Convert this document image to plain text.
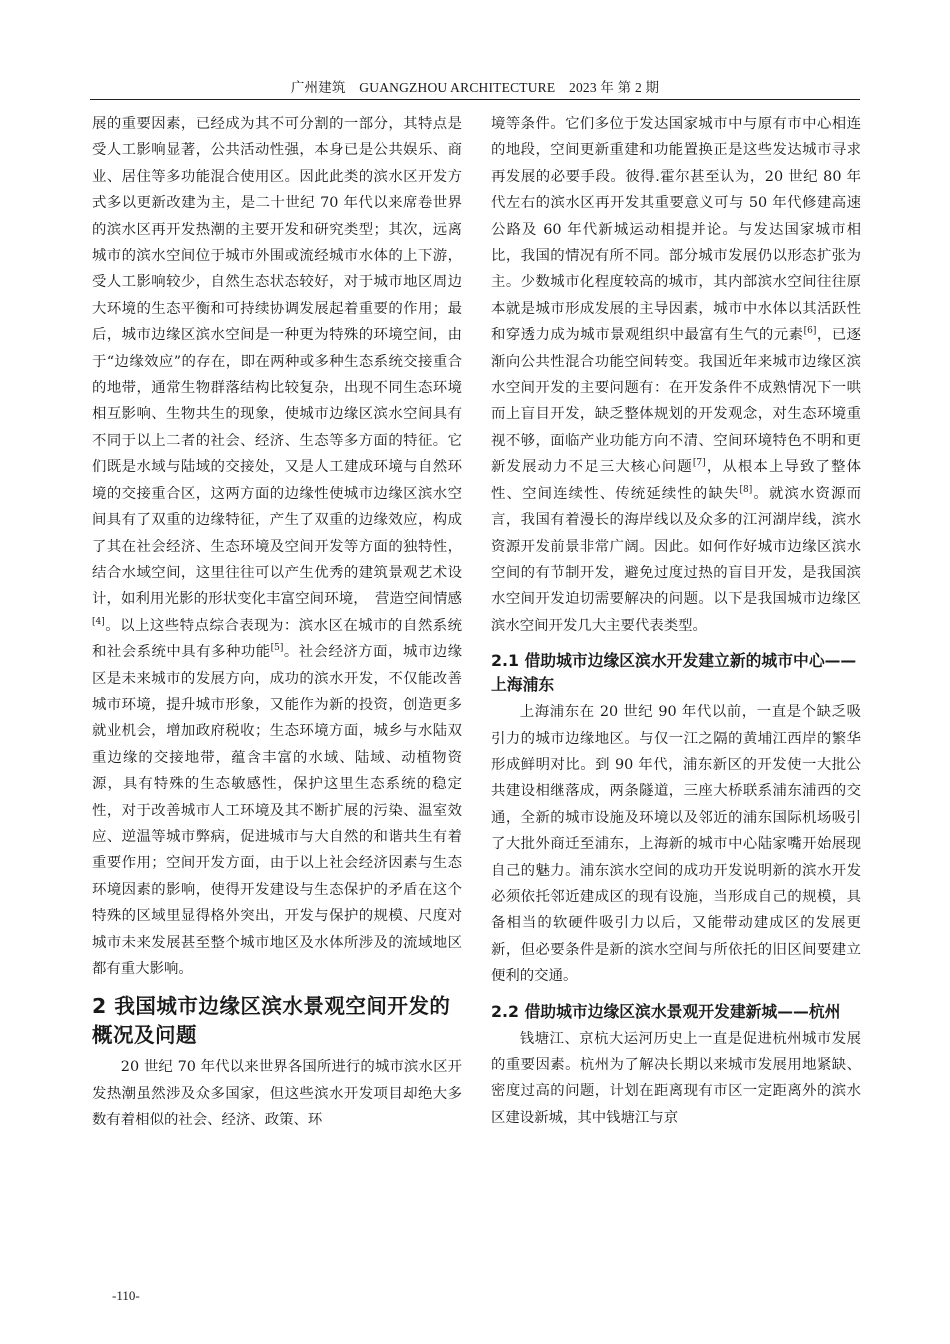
广州建筑　GUANGZHOU ARCHITECTURE　2023 年 第 2 期

展的重要因素，已经成为其不可分割的一部分，其特点是受人工影响显著，公共活动性强，本身已是公共娱乐、商业、居住等多功能混合使用区。因此此类的滨水区开发方式多以更新改建为主，是二十世纪 70 年代以来席卷世界的滨水区再开发热潮的主要开发和研究类型；其次，远离城市的滨水空间位于城市外围或流经城市水体的上下游，受人工影响较少，自然生态状态较好，对于城市地区周边大环境的生态平衡和可持续协调发展起着重要的作用；最后，城市边缘区滨水空间是一种更为特殊的环境空间，由于“边缘效应”的存在，即在两种或多种生态系统交接重合的地带，通常生物群落结构比较复杂，出现不同生态环境相互影响、生物共生的现象，使城市边缘区滨水空间具有不同于以上二者的社会、经济、生态等多方面的特征。它们既是水域与陆域的交接处，又是人工建成环境与自然环境的交接重合区，这两方面的边缘性使城市边缘区滨水空间具有了双重的边缘特征，产生了双重的边缘效应，构成了其在社会经济、生态环境及空间开发等方面的独特性，结合水域空间，这里往往可以产生优秀的建筑景观艺术设计，如利用光影的形状变化丰富空间环境，　营造空间情感[4]。以上这些特点综合表现为：滨水区在城市的自然系统和社会系统中具有多种功能[5]。社会经济方面，城市边缘区是未来城市的发展方向，成功的滨水开发，不仅能改善城市环境，提升城市形象，又能作为新的投资，创造更多就业机会，增加政府税收；生态环境方面，城乡与水陆双重边缘的交接地带，蕴含丰富的水域、陆域、动植物资源，具有特殊的生态敏感性，保护这里生态系统的稳定性，对于改善城市人工环境及其不断扩展的污染、温室效应、逆温等城市弊病，促进城市与大自然的和谐共生有着重要作用；空间开发方面，由于以上社会经济因素与生态环境因素的影响，使得开发建设与生态保护的矛盾在这个特殊的区域里显得格外突出，开发与保护的规模、尺度对城市未来发展甚至整个城市地区及水体所涉及的流域地区都有重大影响。

2 我国城市边缘区滨水景观空间开发的概况及问题

20 世纪 70 年代以来世界各国所进行的城市滨水区开发热潮虽然涉及众多国家，但这些滨水开发项目却绝大多数有着相似的社会、经济、政策、环

境等条件。它们多位于发达国家城市中与原有市中心相连的地段，空间更新重建和功能置换正是这些发达城市寻求再发展的必要手段。彼得.霍尔甚至认为，20 世纪 80 年代左右的滨水区再开发其重要意义可与 50 年代修建高速公路及 60 年代新城运动相提并论。与发达国家城市相比，我国的情况有所不同。部分城市发展仍以形态扩张为主。少数城市化程度较高的城市，其内部滨水空间往往原本就是城市形成发展的主导因素，城市中水体以其活跃性和穿透力成为城市景观组织中最富有生气的元素[6]，已逐渐向公共性混合功能空间转变。我国近年来城市边缘区滨水空间开发的主要问题有：在开发条件不成熟情况下一哄而上盲目开发，缺乏整体规划的开发观念，对生态环境重视不够，面临产业功能方向不清、空间环境特色不明和更新发展动力不足三大核心问题[7]，从根本上导致了整体性、空间连续性、传统延续性的缺失[8]。就滨水资源而言，我国有着漫长的海岸线以及众多的江河湖岸线，滨水资源开发前景非常广阔。因此。如何作好城市边缘区滨水空间的有节制开发，避免过度过热的盲目开发，是我国滨水空间开发迫切需要解决的问题。以下是我国城市边缘区滨水空间开发几大主要代表类型。

2.1 借助城市边缘区滨水开发建立新的城市中心——上海浦东

上海浦东在 20 世纪 90 年代以前，一直是个缺乏吸引力的城市边缘地区。与仅一江之隔的黄埔江西岸的繁华形成鲜明对比。到 90 年代，浦东新区的开发使一大批公共建设相继落成，两条隧道，三座大桥联系浦东浦西的交通，全新的城市设施及环境以及邻近的浦东国际机场吸引了大批外商迁至浦东，上海新的城市中心陆家嘴开始展现自己的魅力。浦东滨水空间的成功开发说明新的滨水开发必须依托邻近建成区的现有设施，当形成自己的规模，具备相当的软硬件吸引力以后，又能带动建成区的发展更新，但必要条件是新的滨水空间与所依托的旧区间要建立便利的交通。

2.2 借助城市边缘区滨水景观开发建新城——杭州

钱塘江、京杭大运河历史上一直是促进杭州城市发展的重要因素。杭州为了解决长期以来城市发展用地紧缺、密度过高的问题，计划在距离现有市区一定距离外的滨水区建设新城，其中钱塘江与京

-110-
